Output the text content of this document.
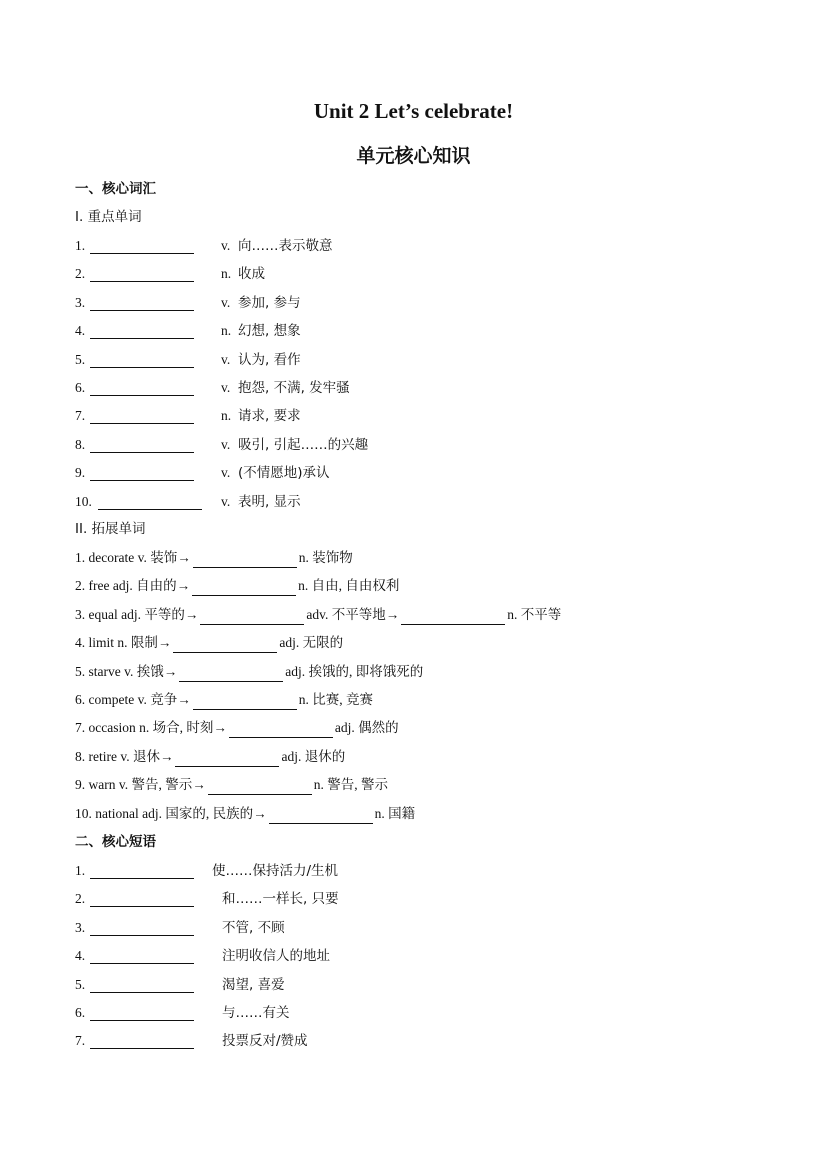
Unit 2 Let’s celebrate!
单元核心知识
一、核心词汇
I. 重点单词
1.	v. 向……表示敬意
2.	n. 收成
3.	v. 参加, 参与
4.	n. 幻想, 想象
5.	v. 认为, 看作
6.	v. 抱怨, 不满, 发牢骚
7.	n. 请求, 要求
8.	v. 吸引, 引起……的兴趣
9.	v. (不情愿地)承认
10.	v. 表明, 显示
II. 拓展单词
1. decorate v. 装饰→	n. 装饰物
2. free adj. 自由的→	n. 自由, 自由权利
3. equal adj. 平等的→	adv. 不平等地→	n. 不平等
4. limit n. 限制→	adj. 无限的
5. starve v. 挨饿→	adj. 挨饿的, 即将饿死的
6. compete v. 竞争→	n. 比赛, 竞赛
7. occasion n. 场合, 时刻→	adj. 偶然的
8. retire v. 退休→	adj. 退休的
9. warn v. 警告, 警示→	n. 警告, 警示
10. national adj. 国家的, 民族的→	n. 国籍
二、核心短语
1.	使……保持活力/生机
2.	和……一样长, 只要
3.	不管, 不顾
4.	注明收信人的地址
5.	渴望, 喜爱
6.	与……有关
7.	投票反对/赞成
